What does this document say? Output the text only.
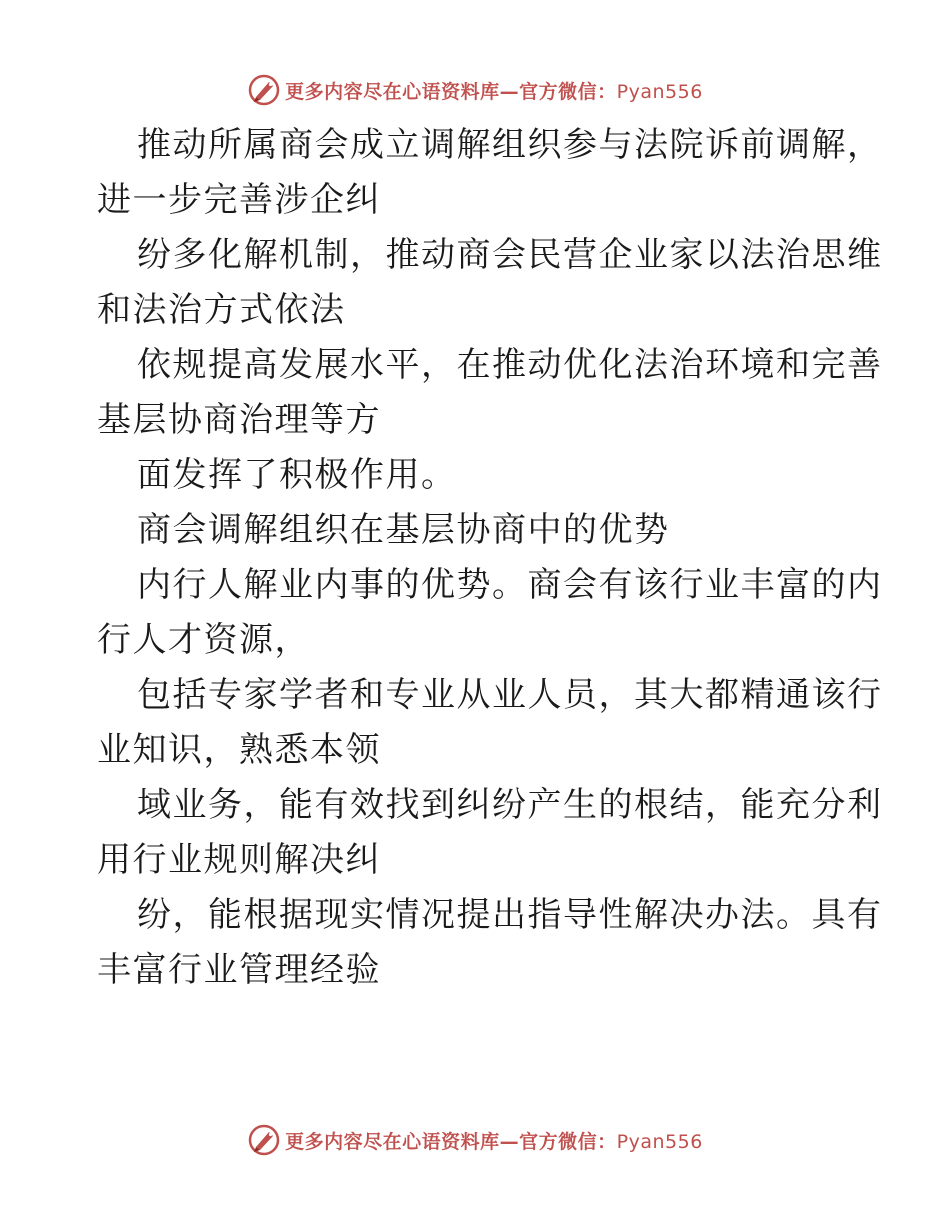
更多内容尽在心语资料库—官方微信：Pyan556

推动所属商会成立调解组织参与法院诉前调解，
进一步完善涉企纠

纷多化解机制，推动商会民营企业家以法治思维
和法治方式依法

依规提高发展水平，在推动优化法治环境和完善
基层协商治理等方

面发挥了积极作用。

商会调解组织在基层协商中的优势

内行人解业内事的优势。商会有该行业丰富的内
行人才资源，

包括专家学者和专业从业人员，其大都精通该行
业知识，熟悉本领

域业务，能有效找到纠纷产生的根结，能充分利
用行业规则解决纠

纷，能根据现实情况提出指导性解决办法。具有
丰富行业管理经验

更多内容尽在心语资料库—官方微信：Pyan556
